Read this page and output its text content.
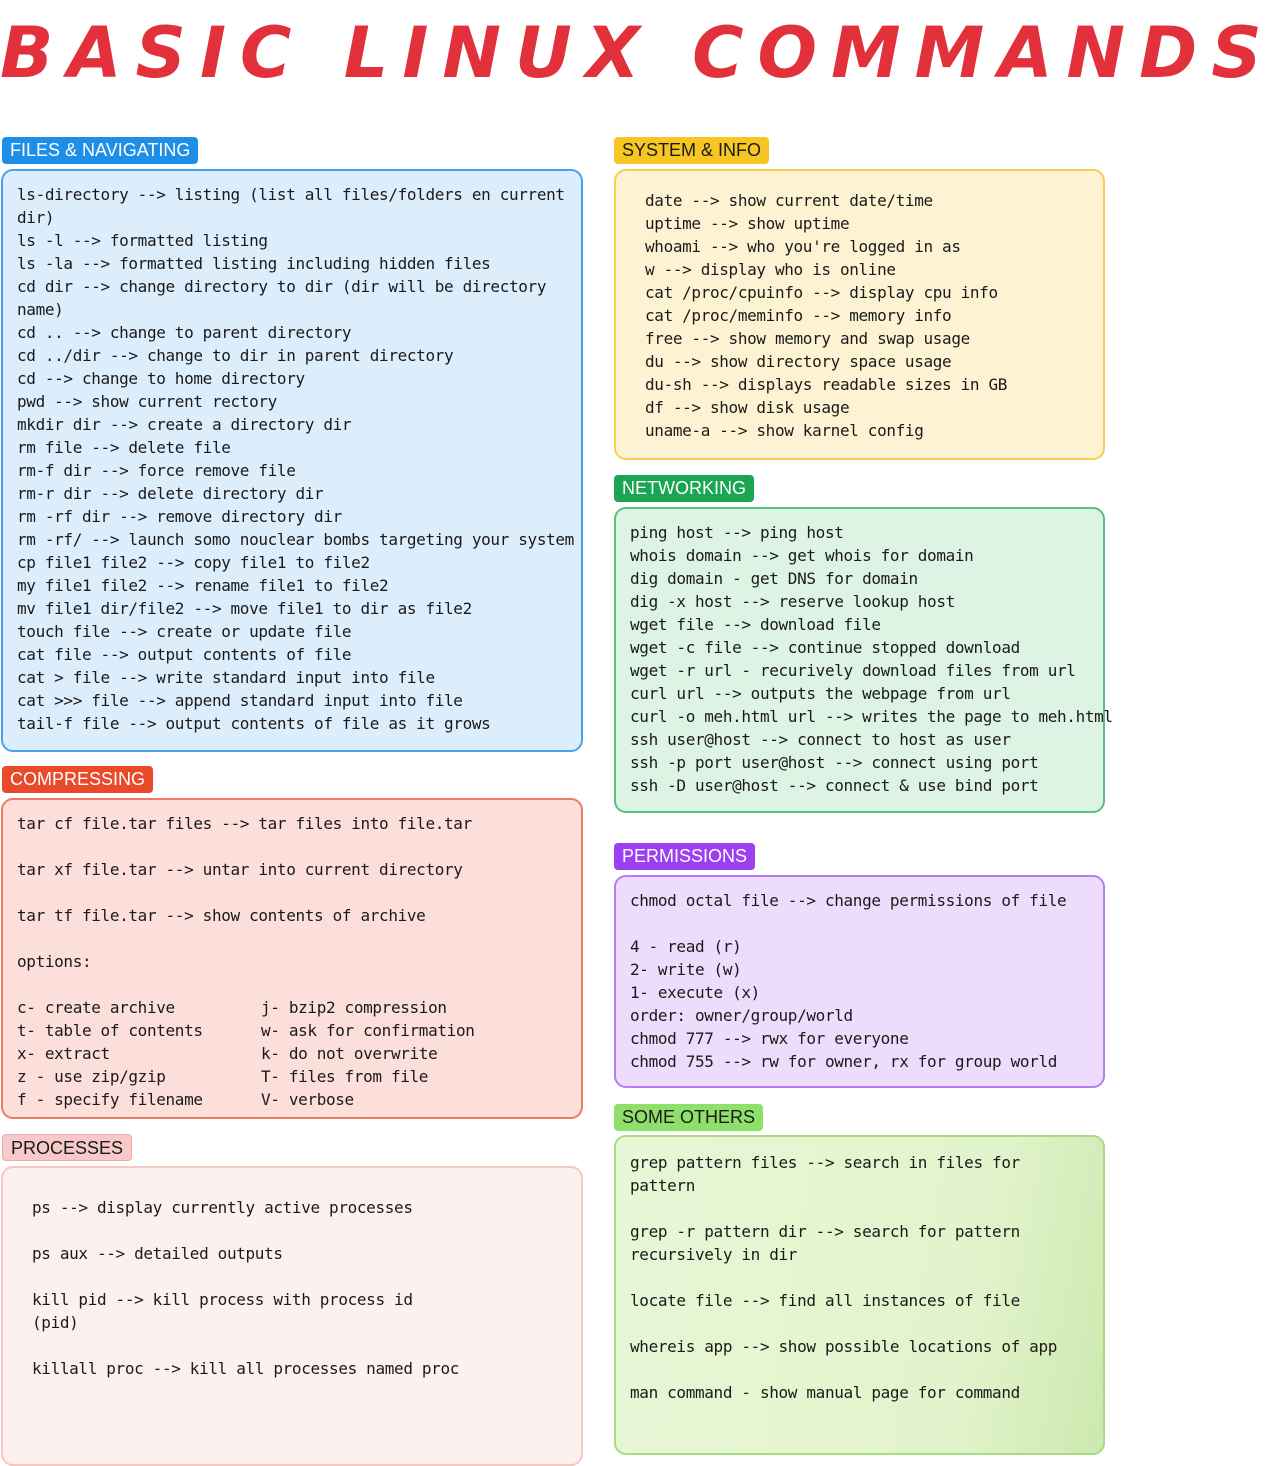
BASIC LINUX COMMANDS
FILES & NAVIGATING
ls-directory --> listing (list all files/folders en current
dir)
ls -l --> formatted listing
ls -la --> formatted listing including hidden files
cd dir --> change directory to dir (dir will be directory
name)
cd .. --> change to parent directory
cd ../dir --> change to dir in parent directory
cd --> change to home directory
pwd --> show current rectory
mkdir dir --> create a directory dir
rm file --> delete file
rm-f dir --> force remove file
rm-r dir --> delete directory dir
rm -rf dir --> remove directory dir
rm -rf/ --> launch somo nouclear bombs targeting your system
cp file1 file2 --> copy file1 to file2
my file1 file2 --> rename file1 to file2
mv file1 dir/file2 --> move file1 to dir as file2
touch file --> create or update file
cat file --> output contents of file
cat > file --> write standard input into file
cat >>> file --> append standard input into file
tail-f file --> output contents of file as it grows
COMPRESSING
tar cf file.tar files --> tar files into file.tar
tar xf file.tar --> untar into current directory
tar tf file.tar --> show contents of archive
options:
c- create archive
t- table of contents
x- extract
z - use zip/gzip
f - specify filename
j- bzip2 compression
w- ask for confirmation
k- do not overwrite
T- files from file
V- verbose
PROCESSES
ps --> display currently active processes
ps aux --> detailed outputs
kill pid --> kill process with process id
(pid)
killall proc --> kill all processes named proc
SYSTEM & INFO
date --> show current date/time
uptime --> show uptime
whoami --> who you're logged in as
w --> display who is online
cat /proc/cpuinfo --> display cpu info
cat /proc/meminfo --> memory info
free --> show memory and swap usage
du --> show directory space usage
du-sh --> displays readable sizes in GB
df --> show disk usage
uname-a --> show karnel config
NETWORKING
ping host --> ping host
whois domain --> get whois for domain
dig domain - get DNS for domain
dig -x host --> reserve lookup host
wget file --> download file
wget -c file --> continue stopped download
wget -r url - recurively download files from url
curl url --> outputs the webpage from url
curl -o meh.html url --> writes the page to meh.html
ssh user@host --> connect to host as user
ssh -p port user@host --> connect using port
ssh -D user@host --> connect & use bind port
PERMISSIONS
chmod octal file --> change permissions of file
4 - read (r)
2- write (w)
1- execute (x)
order: owner/group/world
chmod 777 --> rwx for everyone
chmod 755 --> rw for owner, rx for group world
SOME OTHERS
grep pattern files --> search in files for
pattern
grep -r pattern dir --> search for pattern
recursively in dir
locate file --> find all instances of file
whereis app --> show possible locations of app
man command - show manual page for command
